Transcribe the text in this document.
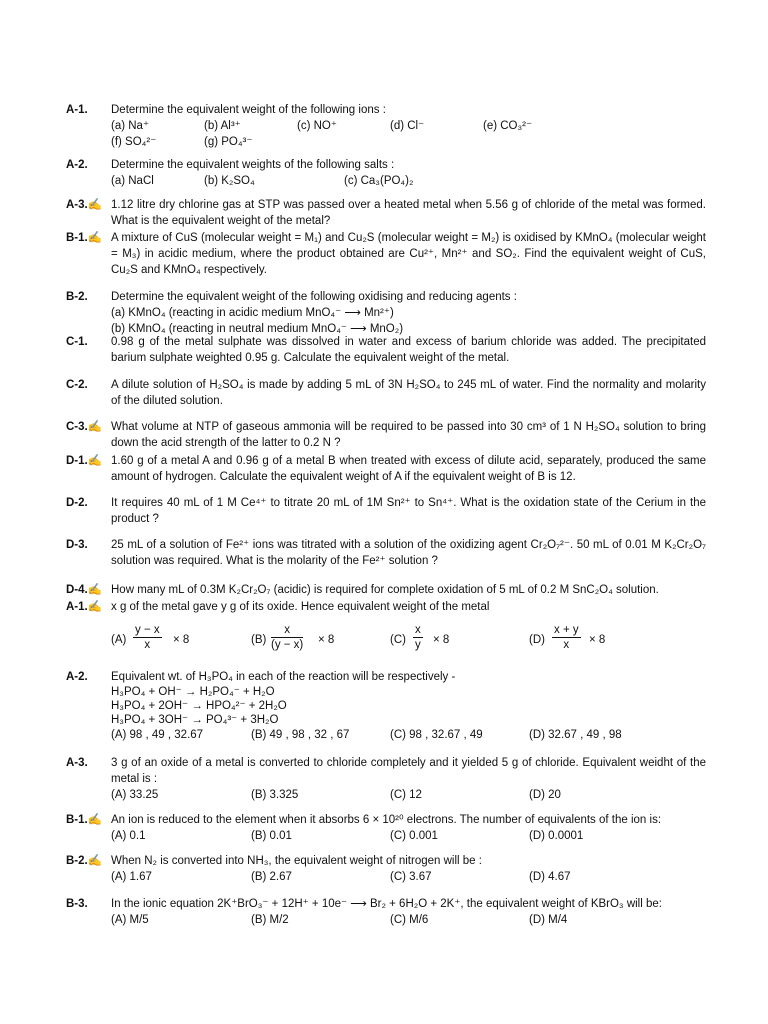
A-1. Determine the equivalent weight of the following ions :
(a) Na⁺	(b) Al³⁺	(c) NO⁺	(d) Cl⁻	(e) CO₃²⁻
(f) SO₄²⁻	(g) PO₄³⁻
A-2. Determine the equivalent weights of the following salts :
(a) NaCl	(b) K₂SO₄	(c) Ca₃(PO₄)₂
A-3.✍ 1.12 litre dry chlorine gas at STP was passed over a heated metal when 5.56 g of chloride of the metal was formed. What is the equivalent weight of the metal?
B-1.✍ A mixture of CuS (molecular weight = M₁) and Cu₂S (molecular weight = M₂) is oxidised by KMnO₄ (molecular weight = M₃) in acidic medium, where the product obtained are Cu²⁺, Mn²⁺ and SO₂. Find the equivalent weight of CuS, Cu₂S and KMnO₄ respectively.
B-2. Determine the equivalent weight of the following oxidising and reducing agents :
(a) KMnO₄ (reacting in acidic medium MnO₄⁻ ⟶ Mn²⁺)
(b) KMnO₄ (reacting in neutral medium MnO₄⁻ ⟶ MnO₂)
C-1. 0.98 g of the metal sulphate was dissolved in water and excess of barium chloride was added. The precipitated barium sulphate weighted 0.95 g. Calculate the equivalent weight of the metal.
C-2. A dilute solution of H₂SO₄ is made by adding 5 mL of 3N H₂SO₄ to 245 mL of water. Find the normality and molarity of the diluted solution.
C-3.✍ What volume at NTP of gaseous ammonia will be required to be passed into 30 cm³ of 1 N H₂SO₄ solution to bring down the acid strength of the latter to 0.2 N ?
D-1.✍ 1.60 g of a metal A and 0.96 g of a metal B when treated with excess of dilute acid, separately, produced the same amount of hydrogen. Calculate the equivalent weight of A if the equivalent weight of B is 12.
D-2. It requires 40 mL of 1 M Ce⁴⁺ to titrate 20 mL of 1M Sn²⁺ to Sn⁴⁺. What is the oxidation state of the Cerium in the product ?
D-3. 25 mL of a solution of Fe²⁺ ions was titrated with a solution of the oxidizing agent Cr₂O₇²⁻. 50 mL of 0.01 M K₂Cr₂O₇ solution was required. What is the molarity of the Fe²⁺ solution ?
D-4.✍ How many mL of 0.3M K₂Cr₂O₇ (acidic) is required for complete oxidation of 5 mL of 0.2 M SnC₂O₄ solution.
A-1.✍ x g of the metal gave y g of its oxide. Hence equivalent weight of the metal
$(A) \frac{y - x}{x} \times 8$	$(B) \frac{x}{(y - x)} \times 8$	$(C) \frac{x}{y} \times 8$	$(D) \frac{x + y}{x} \times 8$
A-2. Equivalent wt. of H₃PO₄ in each of the reaction will be respectively -
H₃PO₄ + OH⁻ → H₂PO₄⁻ + H₂O
H₃PO₄ + 2OH⁻ → HPO₄²⁻ + 2H₂O
H₃PO₄ + 3OH⁻ → PO₄³⁻ + 3H₂O
(A) 98 , 49 , 32.67	(B) 49 , 98 , 32 , 67	(C) 98 , 32.67 , 49	(D) 32.67 , 49 , 98
A-3. 3 g of an oxide of a metal is converted to chloride completely and it yielded 5 g of chloride. Equivalent weidht of the metal is :
(A) 33.25	(B) 3.325	(C) 12	(D) 20
B-1.✍ An ion is reduced to the element when it absorbs 6 × 10²⁰ electrons. The number of equivalents of the ion is:
(A) 0.1	(B) 0.01	(C) 0.001	(D) 0.0001
B-2.✍ When N₂ is converted into NH₃, the equivalent weight of nitrogen will be :
(A) 1.67	(B) 2.67	(C) 3.67	(D) 4.67
B-3. In the ionic equation 2K⁺BrO₃⁻ + 12H⁺ + 10e⁻ ⟶ Br₂ + 6H₂O + 2K⁺, the equivalent weight of KBrO₃ will be:
(A) M/5	(B) M/2	(C) M/6	(D) M/4
